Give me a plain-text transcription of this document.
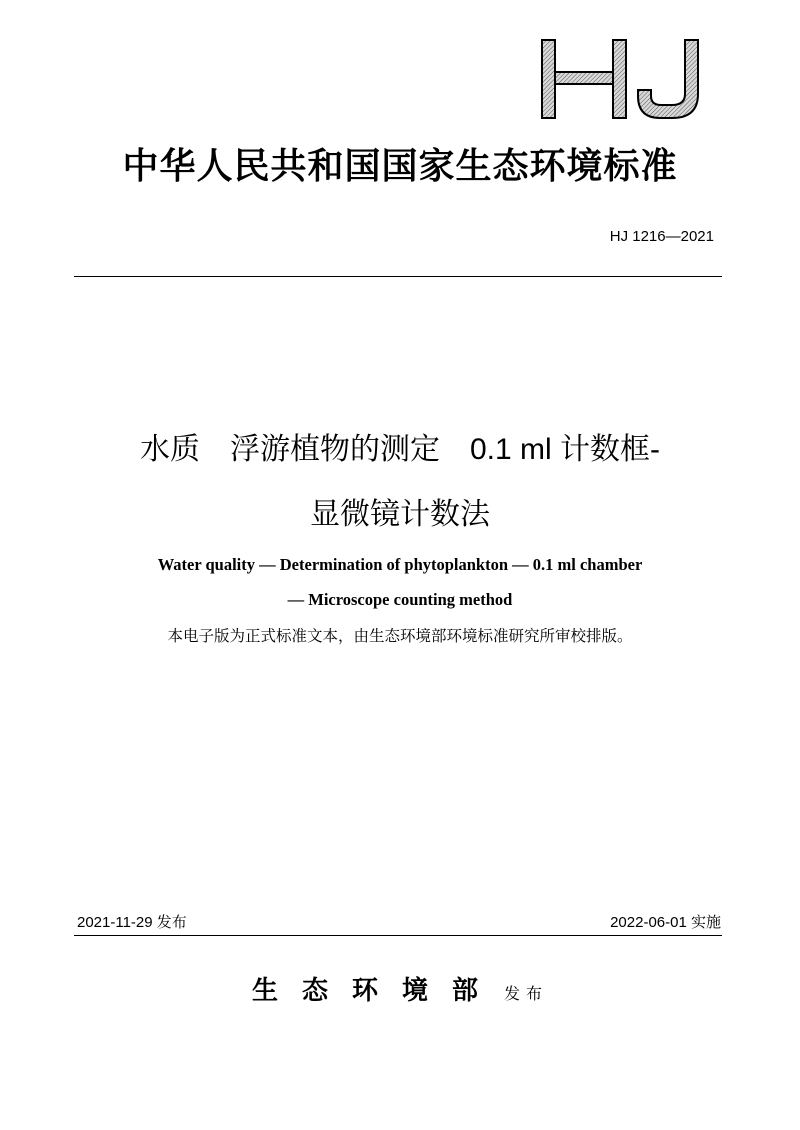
HJ
中华人民共和国国家生态环境标准
HJ 1216—2021
水质　浮游植物的测定　0.1 ml 计数框-
显微镜计数法
Water quality — Determination of phytoplankton — 0.1 ml chamber
— Microscope counting method
本电子版为正式标准文本，由生态环境部环境标准研究所审校排版。
2021-11-29 发布	2022-06-01 实施
生态环境部 发布
